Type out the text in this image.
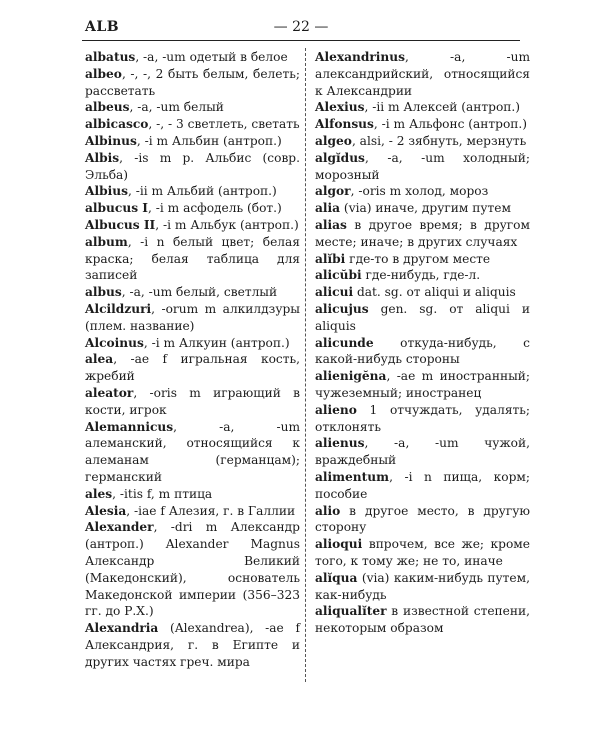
ALB	— 22 —
albatus, -a, -um одетый в белое
albeo, -, -, 2 быть белым, белеть; рассветать
albeus, -a, -um белый
albicasco, -, - 3 светлеть, светать
Albinus, -i m Альбин (антроп.)
Albis, -is m р. Альбис (совр. Эльба)
Albius, -ii m Альбий (антроп.)
albucus I, -i m асфодель (бот.)
Albucus II, -i m Альбук (антроп.)
album, -i n белый цвет; белая краска; белая таблица для записей
albus, -a, -um белый, светлый
Alcildzuri, -orum m алкилдзуры (плем. название)
Alcoinus, -i m Алкуин (антроп.)
alea, -ae f игральная кость, жребий
aleator, -oris m играющий в кости, игрок
Alemannicus, -a, -um алеманский, относящийся к алеманам (германцам); германский
ales, -itis f, m птица
Alesia, -iae f Алезия, г. в Галлии
Alexander, -dri m Александр (антроп.) Alexander Magnus Александр Великий (Македонский), основатель Македонской империи (356–323 гг. до Р.Х.)
Alexandria (Alexandrea), -ae f Александрия, г. в Египте и других частях греч. мира
Alexandrinus, -a, -um александрийский, относящийся к Александрии
Alexius, -ii m Алексей (антроп.)
Alfonsus, -i m Альфонс (антроп.)
algeo, alsi, - 2 зябнуть, мерзнуть
algĭdus, -a, -um холодный; морозный
algor, -oris m холод, мороз
alia (via) иначе, другим путем
alias в другое время; в другом месте; иначе; в других случаях
alĭbi где-то в другом месте
alicŭbi где-нибудь, где-л.
alicui dat. sg. от aliqui и aliquis
alicujus gen. sg. от aliqui и aliquis
alicunde откуда-нибудь, с какой-нибудь стороны
alienigĕna, -ae m иностранный; чужеземный; иностранец
alieno 1 отчуждать, удалять; отклонять
alienus, -a, -um чужой, враждебный
alimentum, -i n пища, корм; пособие
alio в другое место, в другую сторону
alioqui впрочем, все же; кроме того, к тому же; не то, иначе
alĭqua (via) каким-нибудь путем, как-нибудь
aliqualĭter в известной степени, некоторым образом
